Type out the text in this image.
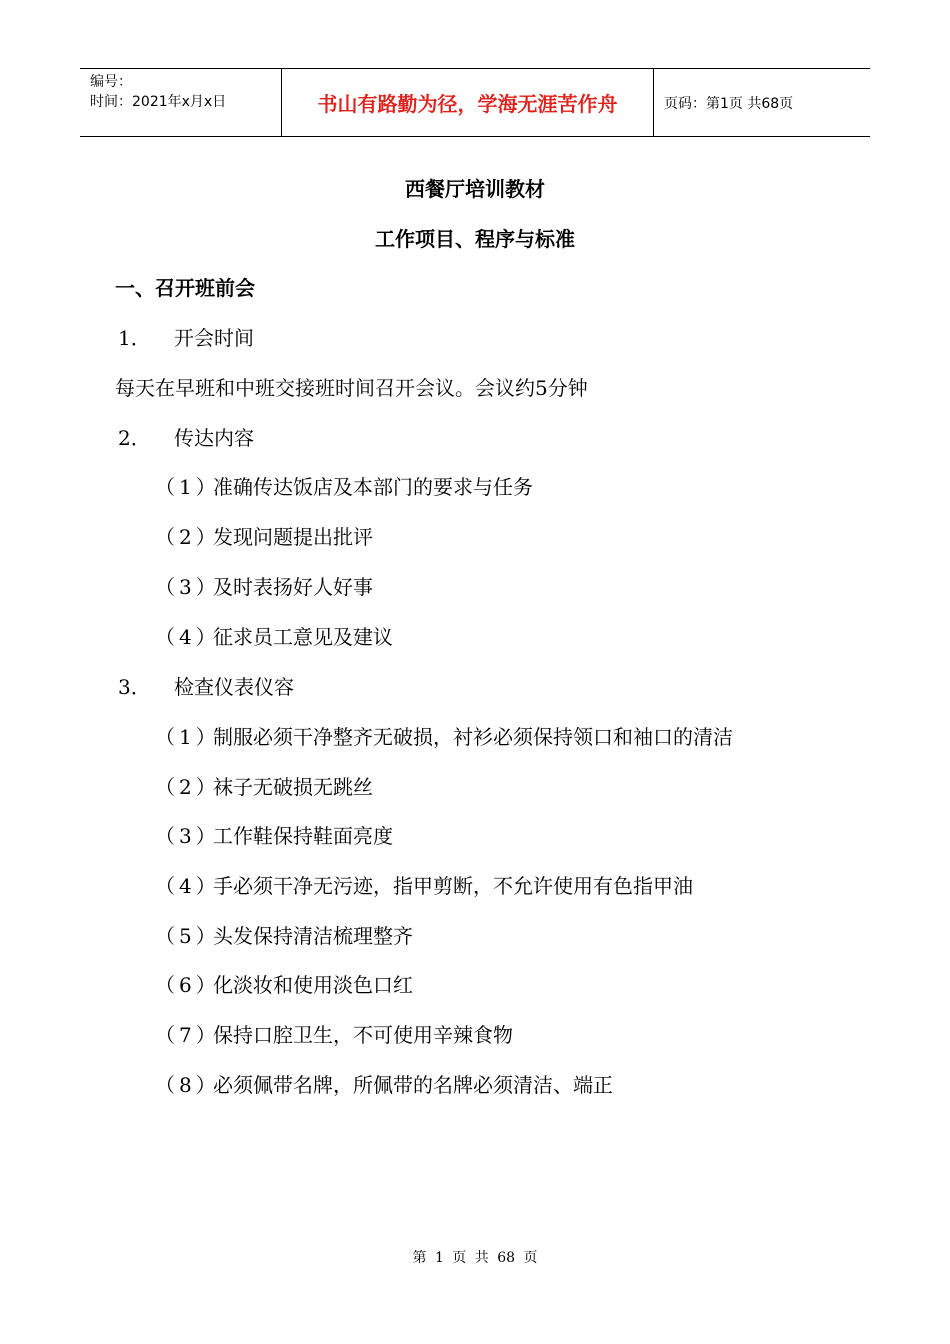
编号：
时间：2021年x月x日	书山有路勤为径，学海无涯苦作舟	页码：第1页 共68页
西餐厅培训教材
工作项目、程序与标准
一、召开班前会
1． 开会时间
每天在早班和中班交接班时间召开会议。会议约5分钟
2． 传达内容
（1）准确传达饭店及本部门的要求与任务
（2）发现问题提出批评
（3）及时表扬好人好事
（4）征求员工意见及建议
3． 检查仪表仪容
（1）制服必须干净整齐无破损，衬衫必须保持领口和袖口的清洁
（2）袜子无破损无跳丝
（3）工作鞋保持鞋面亮度
（4）手必须干净无污迹，指甲剪断，不允许使用有色指甲油
（5）头发保持清洁梳理整齐
（6）化淡妆和使用淡色口红
（7）保持口腔卫生，不可使用辛辣食物
（8）必须佩带名牌，所佩带的名牌必须清洁、端正
第 1 页 共 68 页
